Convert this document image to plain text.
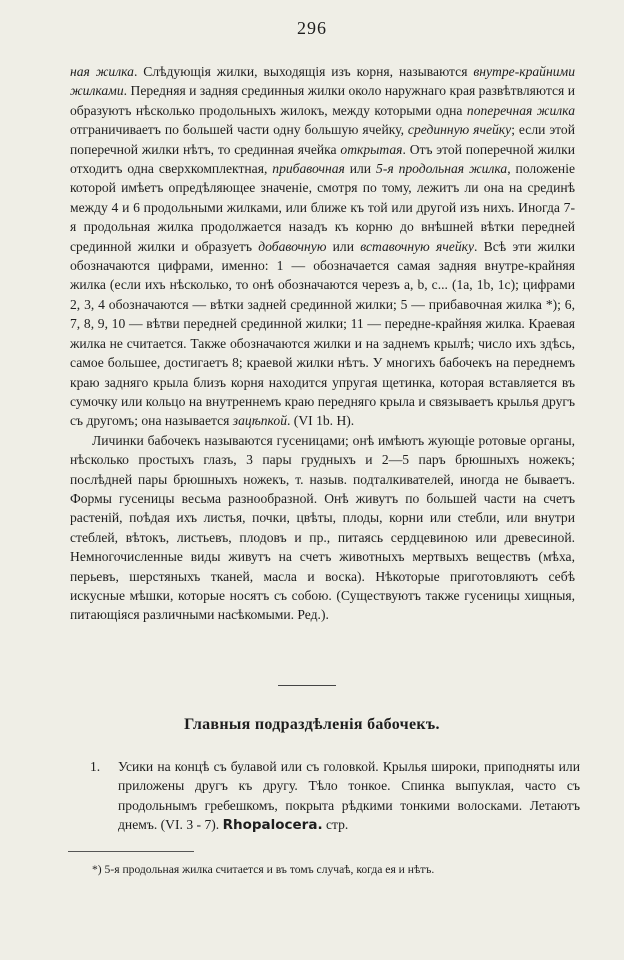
296

ная жилка. Слѣдующія жилки, выходящія изъ корня, называются внутре-крайними жилками. Передняя и задняя срединныя жилки около наружнаго края развѣтвляются и образуютъ нѣсколько продольныхъ жилокъ, между которыми одна поперечная жилка отграничиваетъ по большей части одну большую ячейку, срединную ячейку; если этой поперечной жилки нѣтъ, то срединная ячейка открытая. Отъ этой поперечной жилки отходитъ одна сверхкомплектная, прибавочная или 5-я продольная жилка, положеніе которой имѣетъ опредѣляющее значеніе, смотря по тому, лежитъ ли она на срединѣ между 4 и 6 продольными жилками, или ближе къ той или другой изъ нихъ. Иногда 7-я продольная жилка продолжается назадъ къ корню до внѣшней вѣтки передней срединной жилки и образуетъ добавочную или вставочную ячейку. Всѣ эти жилки обозначаются цифрами, именно: 1 — обозначается самая задняя внутре-крайняя жилка (если ихъ нѣсколько, то онѣ обозначаются черезъ a, b, c... (1a, 1b, 1c); цифрами 2, 3, 4 обозначаются — вѣтки задней срединной жилки; 5 — прибавочная жилка *); 6, 7, 8, 9, 10 — вѣтви передней срединной жилки; 11 — передне-крайняя жилка. Краевая жилка не считается. Также обозначаются жилки и на заднемъ крылѣ; число ихъ здѣсь, самое большее, достигаетъ 8; краевой жилки нѣтъ. У многихъ бабочекъ на переднемъ краю задняго крыла близъ корня находится упругая щетинка, которая вставляется въ сумочку или кольцо на внутреннемъ краю передняго крыла и связываетъ крылья другъ съ другомъ; она называется зацѣпкой. (VI 1b. H).

Личинки бабочекъ называются гусеницами; онѣ имѣютъ жующіе ротовые органы, нѣсколько простыхъ глазъ, 3 пары грудныхъ и 2—5 паръ брюшныхъ ножекъ; послѣдней пары брюшныхъ ножекъ, т. назыв. подталкивателей, иногда не бываетъ. Формы гусеницы весьма разнообразной. Онѣ живутъ по большей части на счетъ растеній, поѣдая ихъ листья, почки, цвѣты, плоды, корни или стебли, или внутри стеблей, вѣтокъ, листьевъ, плодовъ и пр., питаясь сердцевиною или древесиной. Немногочисленные виды живутъ на счетъ животныхъ мертвыхъ веществъ (мѣха, перьевъ, шерстяныхъ тканей, масла и воска). Нѣкоторые приготовляютъ себѣ искусные мѣшки, которые носятъ съ собою. (Существуютъ также гусеницы хищныя, питающіяся различными насѣкомыми. Ред.).

Главныя подраздѣленія бабочекъ.
1. Усики на концѣ съ булавой или съ головкой. Крылья широки, приподняты или приложены другъ къ другу. Тѣло тонкое. Спинка выпуклая, часто съ продольнымъ гребешкомъ, покрыта рѣдкими тонкими волосками. Летаютъ днемъ. (VI. 3 - 7). Rhopalocera. стр.
*) 5-я продольная жилка считается и въ томъ случаѣ, когда ея и нѣтъ.
